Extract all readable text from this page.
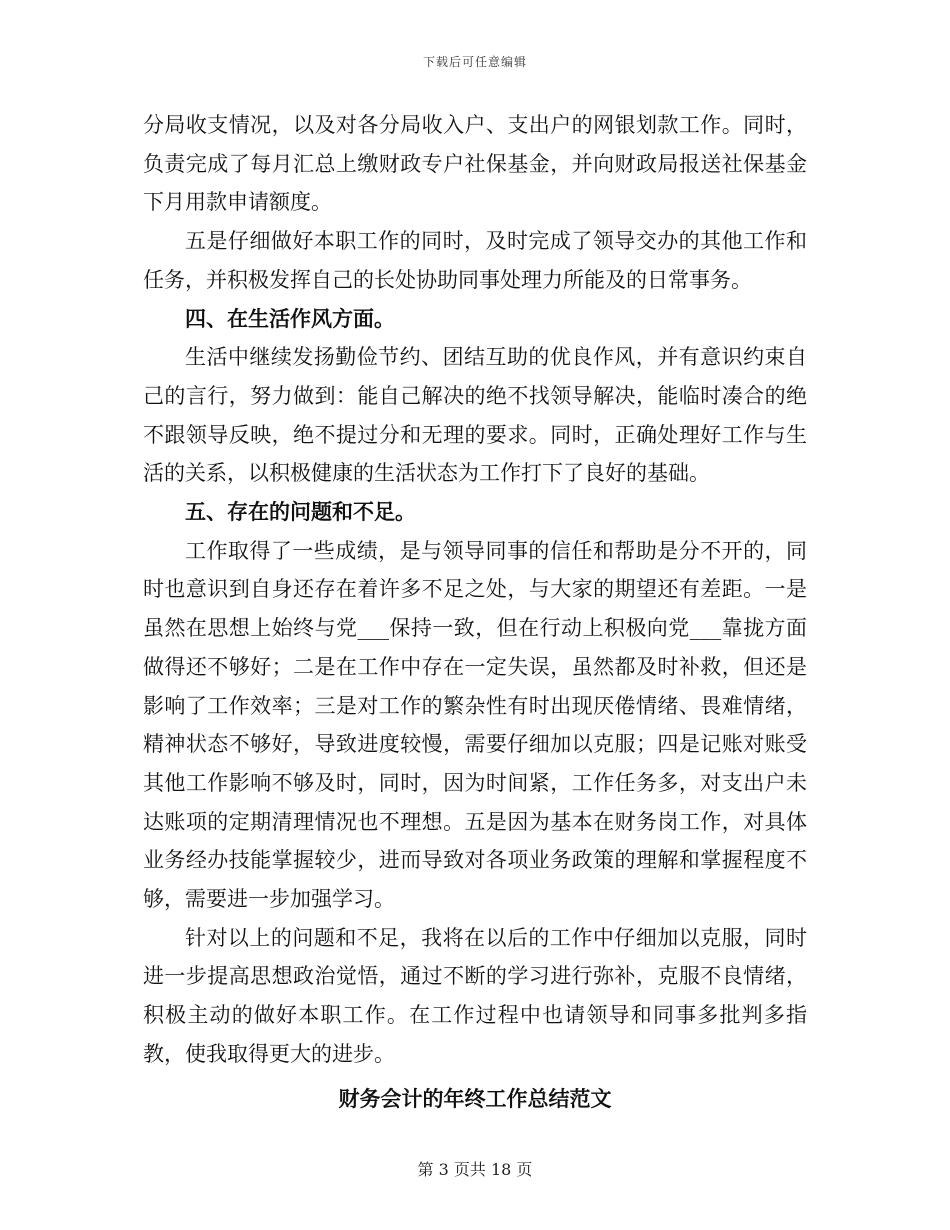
下载后可任意编辑

分局收支情况，以及对各分局收入户、支出户的网银划款工作。同时，负责完成了每月汇总上缴财政专户社保基金，并向财政局报送社保基金下月用款申请额度。

五是仔细做好本职工作的同时，及时完成了领导交办的其他工作和任务，并积极发挥自己的长处协助同事处理力所能及的日常事务。

四、在生活作风方面。

生活中继续发扬勤俭节约、团结互助的优良作风，并有意识约束自己的言行，努力做到：能自己解决的绝不找领导解决，能临时凑合的绝不跟领导反映，绝不提过分和无理的要求。同时，正确处理好工作与生活的关系，以积极健康的生活状态为工作打下了良好的基础。

五、存在的问题和不足。

工作取得了一些成绩，是与领导同事的信任和帮助是分不开的，同时也意识到自身还存在着许多不足之处，与大家的期望还有差距。一是虽然在思想上始终与党___保持一致，但在行动上积极向党___靠拢方面做得还不够好；二是在工作中存在一定失误，虽然都及时补救，但还是影响了工作效率；三是对工作的繁杂性有时出现厌倦情绪、畏难情绪，精神状态不够好，导致进度较慢，需要仔细加以克服；四是记账对账受其他工作影响不够及时，同时，因为时间紧，工作任务多，对支出户未达账项的定期清理情况也不理想。五是因为基本在财务岗工作，对具体业务经办技能掌握较少，进而导致对各项业务政策的理解和掌握程度不够，需要进一步加强学习。

针对以上的问题和不足，我将在以后的工作中仔细加以克服，同时进一步提高思想政治觉悟，通过不断的学习进行弥补，克服不良情绪，积极主动的做好本职工作。在工作过程中也请领导和同事多批判多指教，使我取得更大的进步。

财务会计的年终工作总结范文

第 3 页共 18 页
